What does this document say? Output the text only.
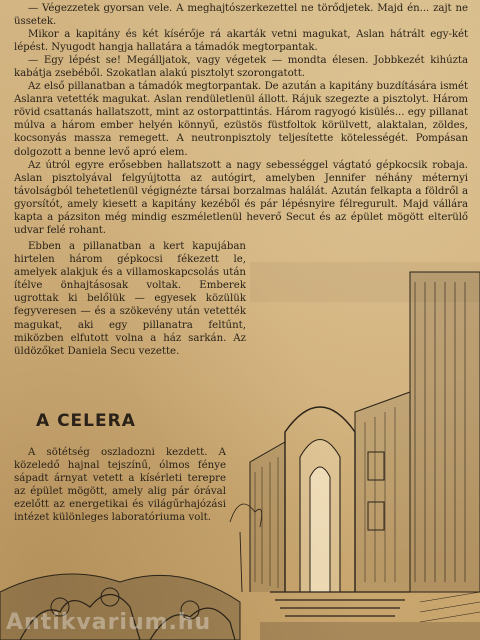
— Végezzetek gyorsan vele. A meghajtószerkezettel ne törődjetek. Majd én... zajt ne üssetek.

Mikor a kapitány és két kísérője rá akarták vetni magukat, Aslan hátrált egy-két lépést. Nyugodt hangja hallatára a támadók megtorpantak.

— Egy lépést se! Megálljatok, vagy végetek — mondta élesen. Jobbkezét kihúzta kabátja zsebéből. Szokatlan alakú pisztolyt szorongatott.

Az első pillanatban a támadók megtorpantak. De azután a kapitány buzdítására ismét Aslanra vetették magukat. Aslan rendületlenül állott. Rájuk szegezte a pisztolyt. Három rövid csattanás hallatszott, mint az ostorpattintás. Három ragyogó kisülés... egy pillanat múlva a három ember helyén könnyű, ezüstös füstfoltok körülvett, alaktalan, zöldes, kocsonyás massza remegett. A neutronpisztoly teljesítette kötelességét. Pompásan dolgozott a benne levő apró elem.

Az útról egyre erősebben hallatszott a nagy sebességgel vágtató gépkocsik robaja. Aslan pisztolyával felgyújtotta az autógirt, amelyben Jennifer néhány méternyi távolságból tehetetlenül végignézte társai borzalmas halálát. Azután felkapta a földről a gyorsítót, amely kiesett a kapitány kezéből és pár lépésnyire félregurult. Majd vállára kapta a pázsiton még mindig eszméletlenül heverő Secut és az épület mögött elterülő udvar felé rohant.

Ebben a pillanatban a kert kapujában hirtelen három gépkocsi fékezett le, amelyek alakjuk és a villamoskapcsolás után ítélve önhajtásosak voltak. Emberek ugrottak ki belőlük — egyesek közülük fegyveresen — és a szökevény után vetették magukat, aki egy pillanatra feltűnt, miközben elfutott volna a ház sarkán. Az üldözőket Daniela Secu vezette.

A CELERA

A sötétség oszladozni kezdett. A közeledő hajnal tejszínű, ólmos fénye sápadt árnyat vetett a kísérleti terepre az épület mögött, amely alig pár órával ezelőtt az energetikai és világűrhajózási intézet különleges laboratóriuma volt.

Antikvarium.hu
